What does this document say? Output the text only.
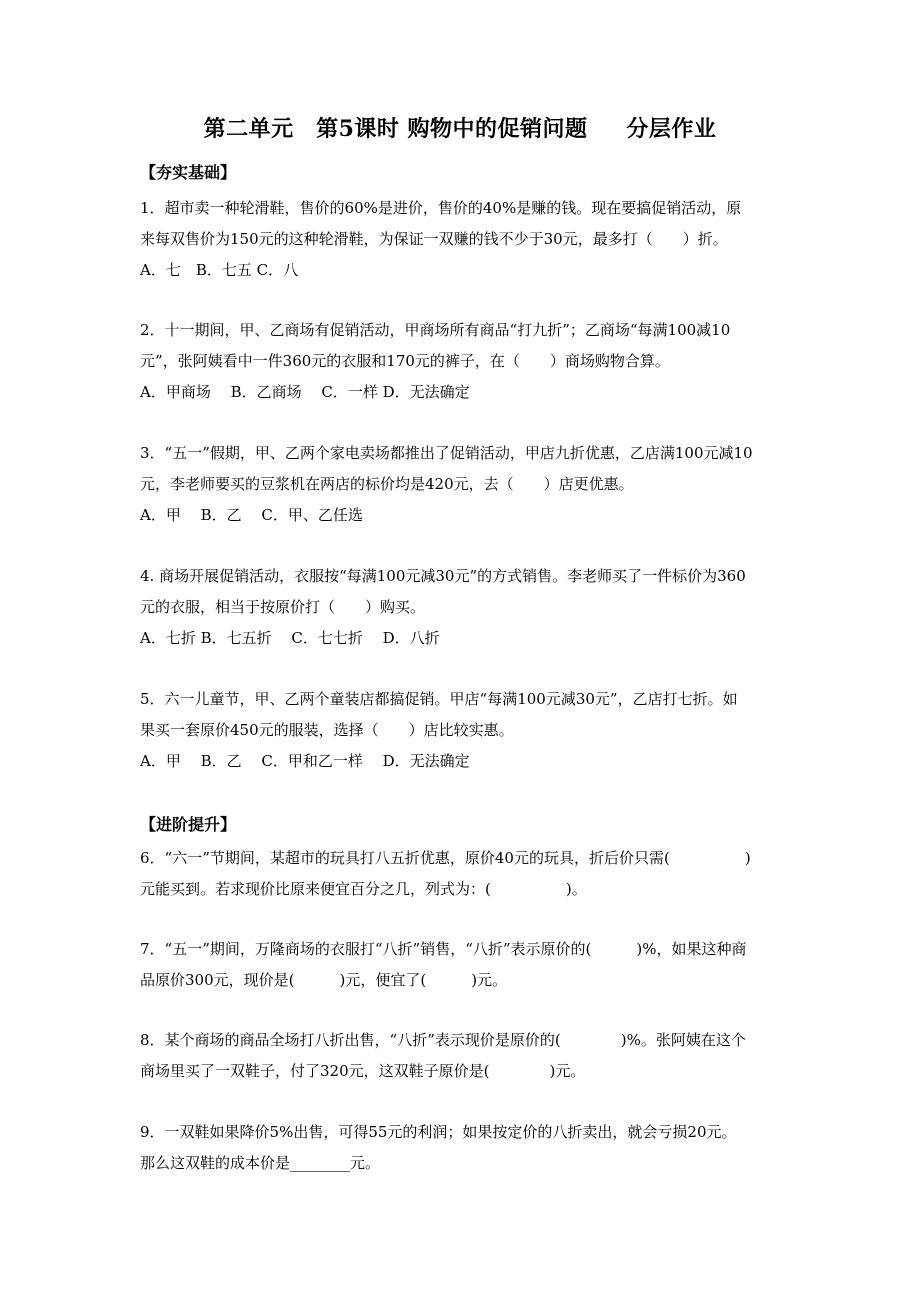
第二单元　第5课时 购物中的促销问题　  分层作业
【夯实基础】
1．超市卖一种轮滑鞋，售价的60%是进价，售价的40%是赚的钱。现在要搞促销活动，原
来每双售价为150元的这种轮滑鞋，为保证一双赚的钱不少于30元，最多打（　　）折。
A．七　B．七五 C．八
2．十一期间，甲、乙商场有促销活动，甲商场所有商品“打九折”；乙商场“每满100减10
元”，张阿姨看中一件360元的衣服和170元的裤子，在（　　）商场购物合算。
A．甲商场　 B．乙商场　 C．一样 D．无法确定
3．“五一”假期，甲、乙两个家电卖场都推出了促销活动，甲店九折优惠，乙店满100元减10
元，李老师要买的豆浆机在两店的标价均是420元，去（　　）店更优惠。
A．甲　 B．乙　 C．甲、乙任选
4. 商场开展促销活动，衣服按“每满100元减30元”的方式销售。李老师买了一件标价为360
元的衣服，相当于按原价打（　　）购买。
A．七折 B．七五折　 C．七七折　 D．八折
5．六一儿童节，甲、乙两个童装店都搞促销。甲店“每满100元减30元”，乙店打七折。如
果买一套原价450元的服装，选择（　　）店比较实惠。
A．甲　 B．乙　 C．甲和乙一样　 D．无法确定
【进阶提升】
6．“六一”节期间，某超市的玩具打八五折优惠，原价40元的玩具，折后价只需(　　　　　)
元能买到。若求现价比原来便宜百分之几，列式为：(　　　　　)。
7．“五一”期间，万隆商场的衣服打“八折”销售，“八折”表示原价的(　　　)%，如果这种商
品原价300元，现价是(　　　)元，便宜了(　　　)元。
8．某个商场的商品全场打八折出售，“八折”表示现价是原价的(　　　　)%。张阿姨在这个
商场里买了一双鞋子，付了320元，这双鞋子原价是(　　　　)元。
9．一双鞋如果降价5%出售，可得55元的利润；如果按定价的八折卖出，就会亏损20元。
那么这双鞋的成本价是________元。
